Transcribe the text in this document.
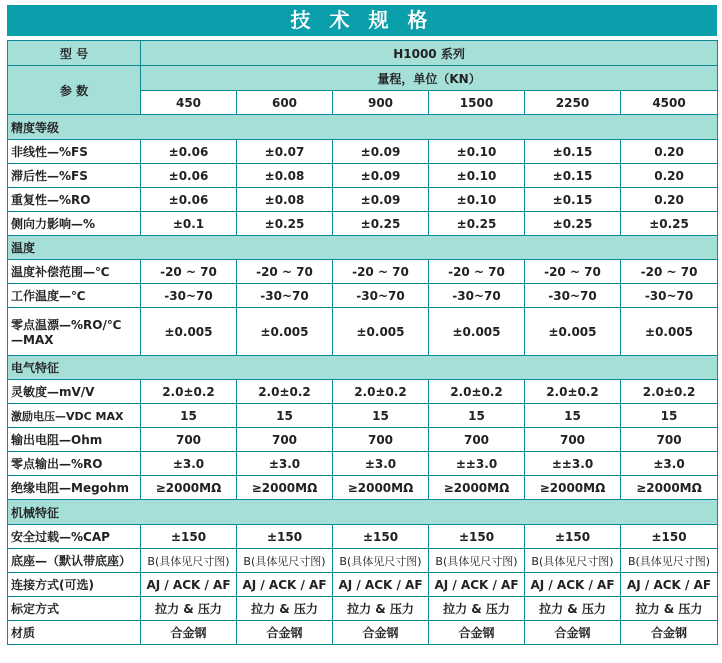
技 术 规 格
型 号	H1000 系列					
参 数	量程，单位（KN）					
	450	600	900	1500	2250	4500
精度等级						

非线性—%FS	±0.06	±0.07	±0.09	±0.10	±0.15	0.20

滞后性—%FS	±0.06	±0.08	±0.09	±0.10	±0.15	0.20

重复性—%RO	±0.06	±0.08	±0.09	±0.10	±0.15	0.20

侧向力影响—%	±0.1	±0.25	±0.25	±0.25	±0.25	±0.25
温度						

温度补偿范围—℃	-20 ~ 70	-20 ~ 70	-20 ~ 70	-20 ~ 70	-20 ~ 70	-20 ~ 70

工作温度—℃	-30~70	-30~70	-30~70	-30~70	-30~70	-30~70

零点温漂—%RO/℃
—MAX	±0.005	±0.005	±0.005	±0.005	±0.005	±0.005
电气特征						

灵敏度—mV/V	2.0±0.2	2.0±0.2	2.0±0.2	2.0±0.2	2.0±0.2	2.0±0.2

激励电压—VDC MAX	15	15	15	15	15	15

输出电阻—Ohm	700	700	700	700	700	700

零点输出—%RO	±3.0	±3.0	±3.0	±±3.0	±±3.0	±3.0

绝缘电阻—Megohm	≥2000MΩ	≥2000MΩ	≥2000MΩ	≥2000MΩ	≥2000MΩ	≥2000MΩ
机械特征						

安全过载—%CAP	±150	±150	±150	±150	±150	±150

底座—（默认带底座）	B(具体见尺寸图)	B(具体见尺寸图)	B(具体见尺寸图)	B(具体见尺寸图)	B(具体见尺寸图)	B(具体见尺寸图)

连接方式(可选)	AJ / ACK / AF	AJ / ACK / AF	AJ / ACK / AF	AJ / ACK / AF	AJ / ACK / AF	AJ / ACK / AF

标定方式	拉力 & 压力	拉力 & 压力	拉力 & 压力	拉力 & 压力	拉力 & 压力	拉力 & 压力

材质	合金钢	合金钢	合金钢	合金钢	合金钢	合金钢
